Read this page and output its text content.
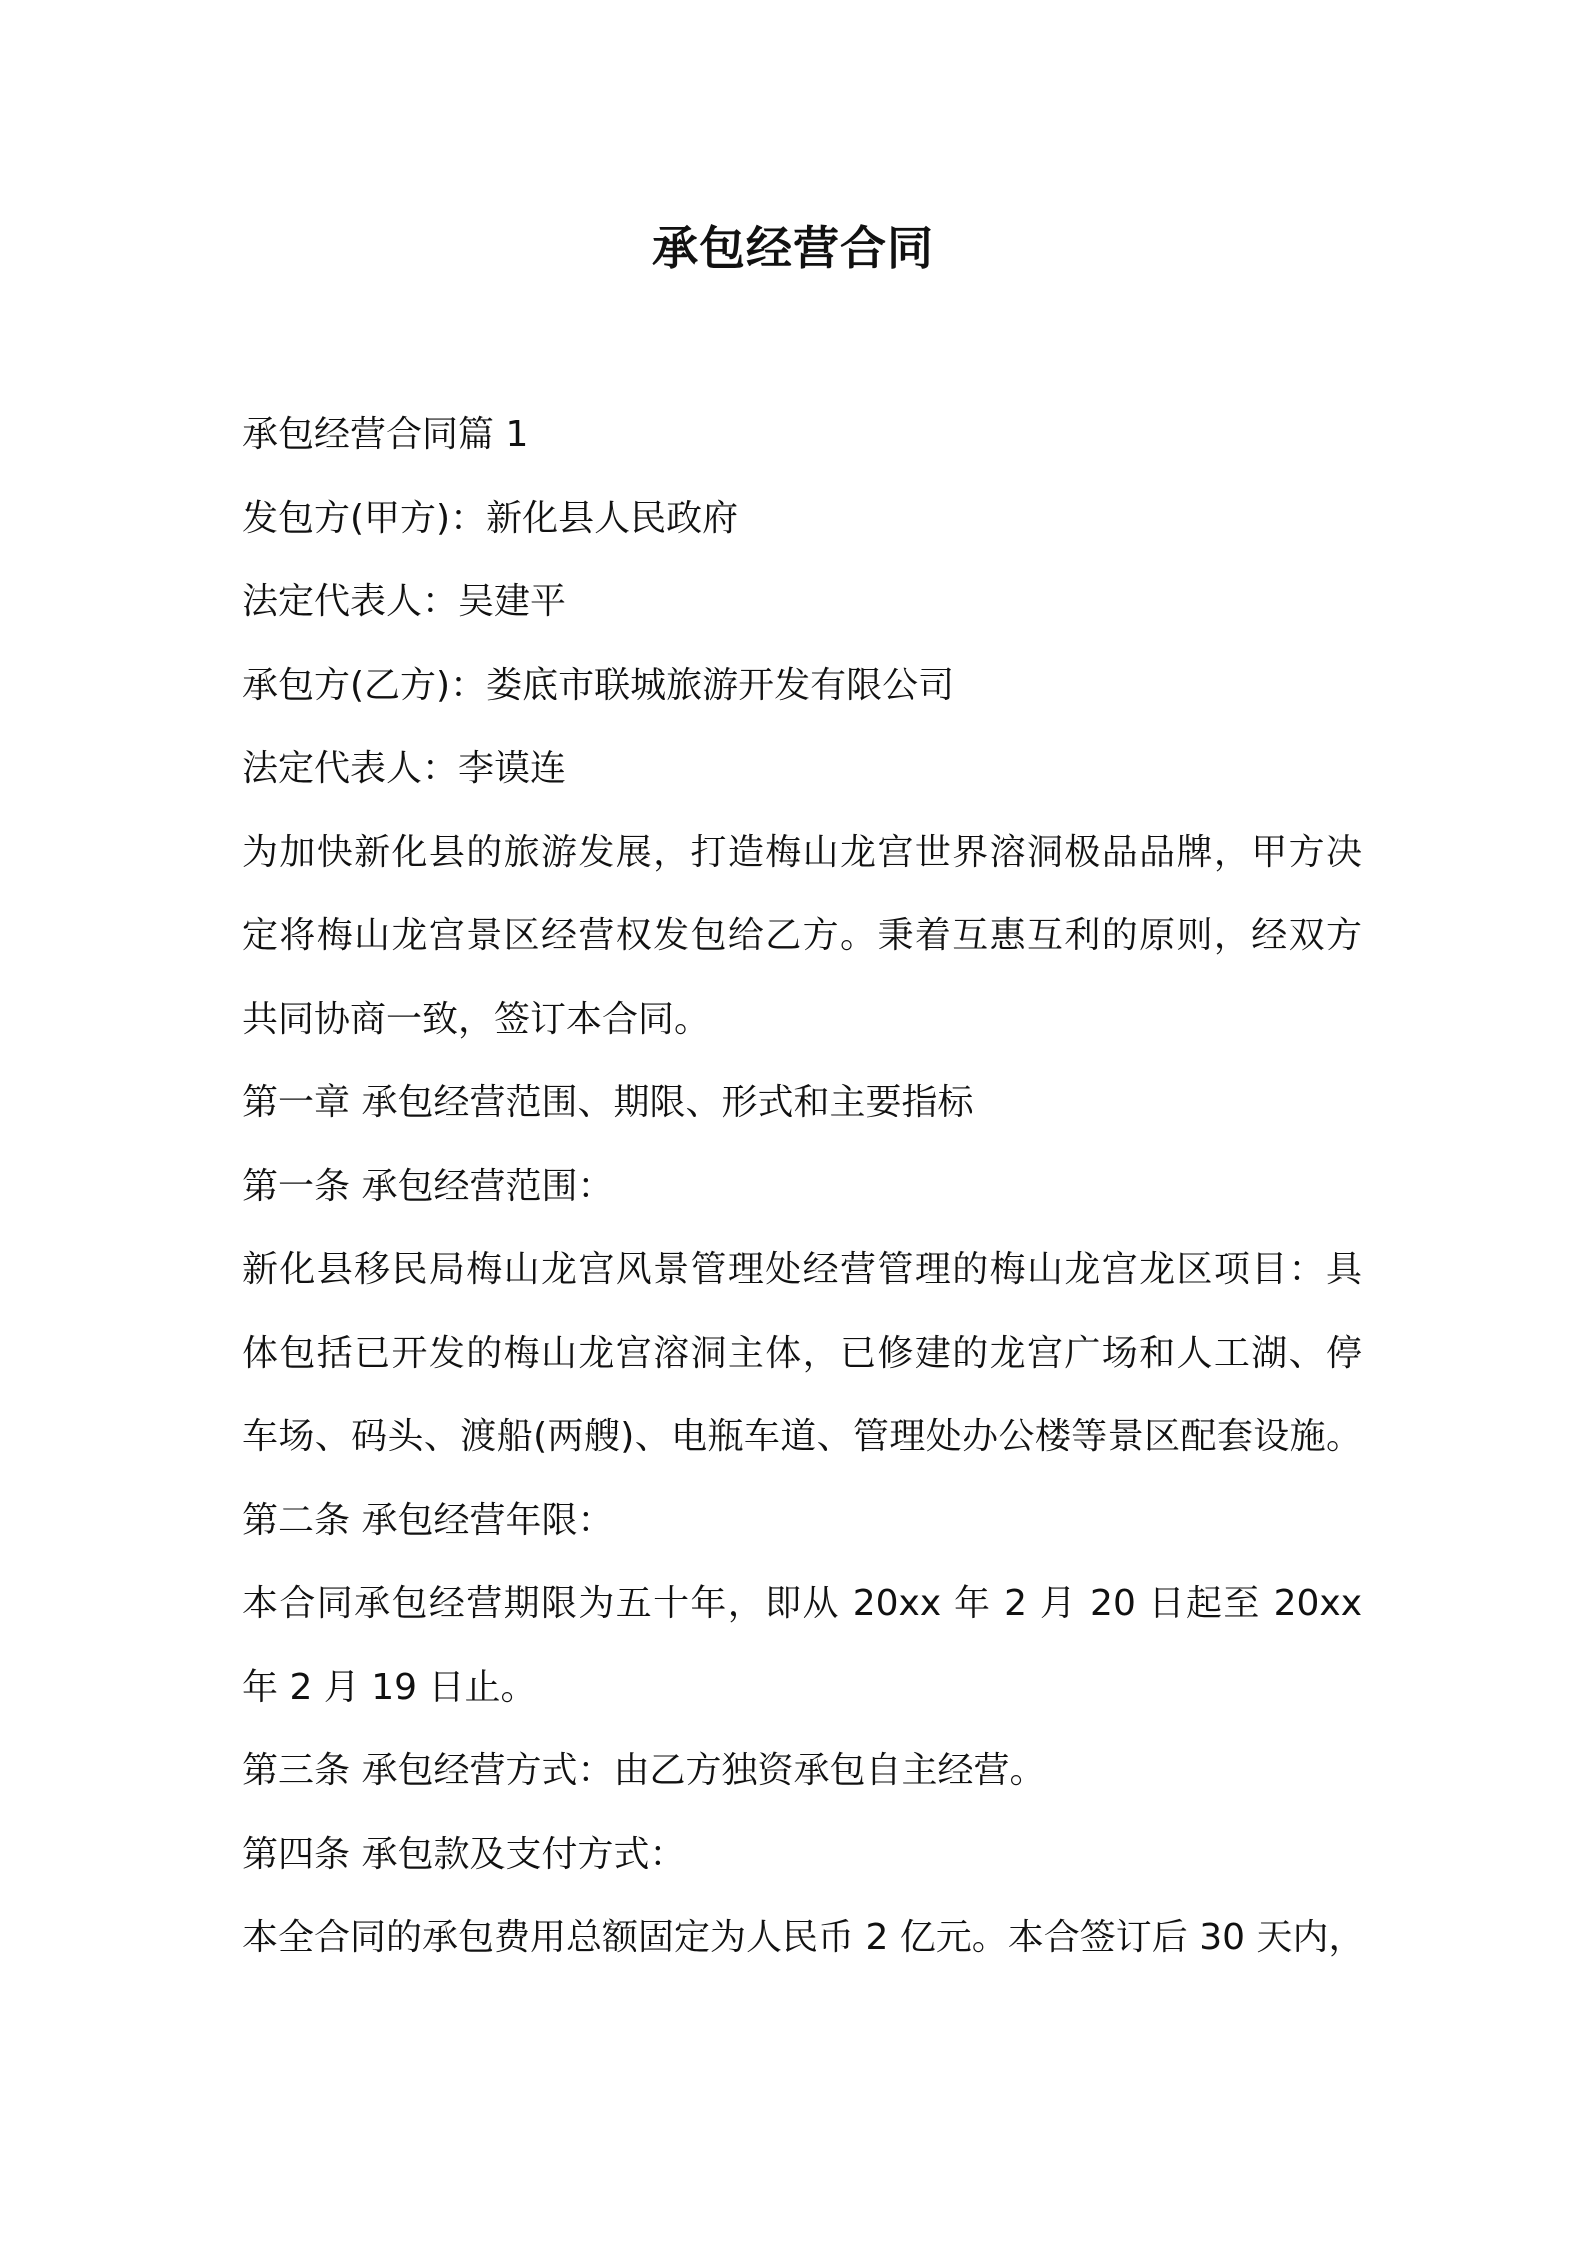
承包经营合同
承包经营合同篇 1
发包方(甲方)：新化县人民政府
法定代表人：吴建平
承包方(乙方)：娄底市联城旅游开发有限公司
法定代表人：李谟连
为加快新化县的旅游发展，打造梅山龙宫世界溶洞极品品牌，甲方决
定将梅山龙宫景区经营权发包给乙方。秉着互惠互利的原则，经双方
共同协商一致，签订本合同。
第一章 承包经营范围、期限、形式和主要指标
第一条 承包经营范围：
新化县移民局梅山龙宫风景管理处经营管理的梅山龙宫龙区项目：具
体包括已开发的梅山龙宫溶洞主体，已修建的龙宫广场和人工湖、停
车场、码头、渡船(两艘)、电瓶车道、管理处办公楼等景区配套设施。
第二条 承包经营年限：
本合同承包经营期限为五十年，即从 20xx 年 2 月 20 日起至 20xx
年 2 月 19 日止。
第三条 承包经营方式：由乙方独资承包自主经营。
第四条 承包款及支付方式：
本全合同的承包费用总额固定为人民币 2 亿元。本合签订后 30 天内，
